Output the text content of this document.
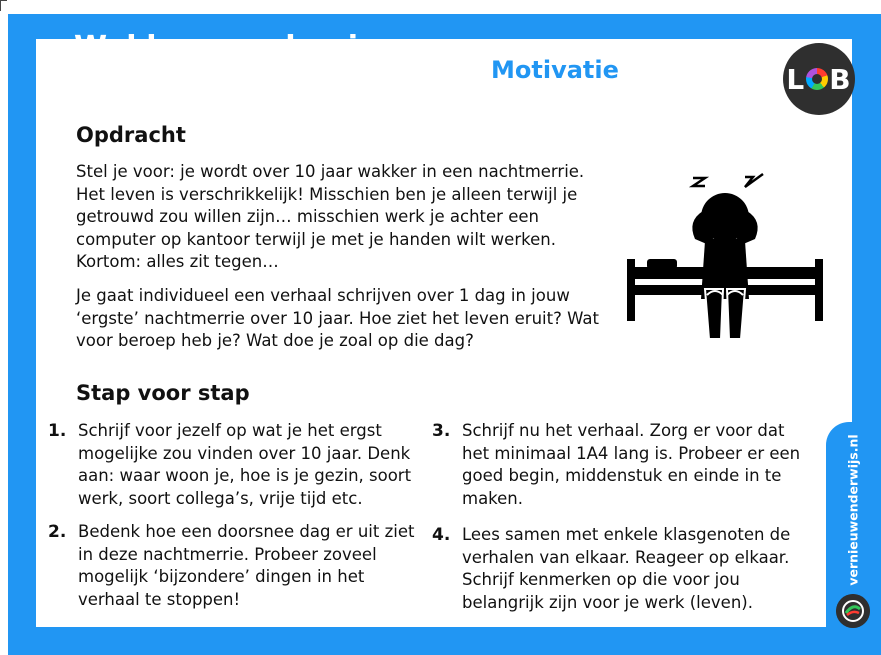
Wakker worden in
een nachtmerrie	Motivatie	L B
Opdracht

Stel je voor: je wordt over 10 jaar wakker in een nachtmerrie. Het leven is verschrikkelijk! Misschien ben je alleen terwijl je getrouwd zou willen zijn… misschien werk je achter een computer op kantoor terwijl je met je handen wilt werken. Kortom: alles zit tegen…

Je gaat individueel een verhaal schrijven over 1 dag in jouw ‘ergste’ nachtmerrie over 10 jaar. Hoe ziet het leven eruit? Wat voor beroep heb je? Wat doe je zoal op die dag?

Stap voor stap
1. Schrijf voor jezelf op wat je het ergst mogelijke zou vinden over 10 jaar. Denk aan: waar woon je, hoe is je gezin, soort werk, soort collega’s, vrije tijd etc.
2. Bedenk hoe een doorsnee dag er uit ziet in deze nachtmerrie. Probeer zoveel mogelijk ‘bijzondere’ dingen in het verhaal te stoppen!
3. Schrijf nu het verhaal. Zorg er voor dat het minimaal 1A4 lang is. Probeer er een goed begin, middenstuk en einde in te maken.
4. Lees samen met enkele klasgenoten de verhalen van elkaar. Reageer op elkaar. Schrijf kenmerken op die voor jou belangrijk zijn voor je werk (leven).
vernieuwenderwijs.nl
